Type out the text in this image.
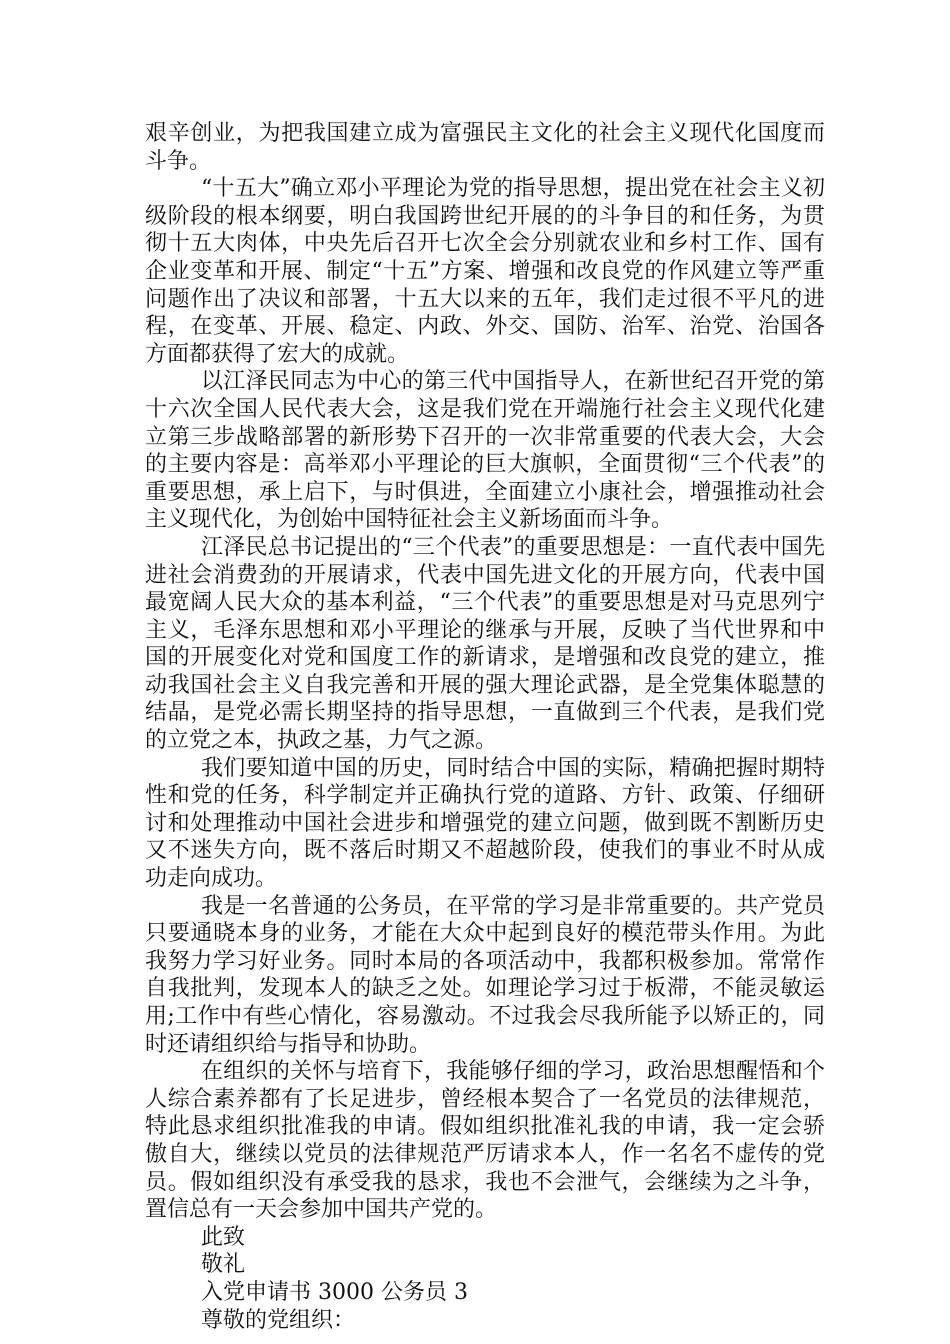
艰辛创业，为把我国建立成为富强民主文化的社会主义现代化国度而斗争。

“十五大”确立邓小平理论为党的指导思想，提出党在社会主义初级阶段的根本纲要，明白我国跨世纪开展的的斗争目的和任务，为贯彻十五大肉体，中央先后召开七次全会分别就农业和乡村工作、国有企业变革和开展、制定“十五”方案、增强和改良党的作风建立等严重问题作出了决议和部署，十五大以来的五年，我们走过很不平凡的进程，在变革、开展、稳定、内政、外交、国防、治军、治党、治国各方面都获得了宏大的成就。

以江泽民同志为中心的第三代中国指导人，在新世纪召开党的第十六次全国人民代表大会，这是我们党在开端施行社会主义现代化建立第三步战略部署的新形势下召开的一次非常重要的代表大会，大会的主要内容是：高举邓小平理论的巨大旗帜，全面贯彻“三个代表”的重要思想，承上启下，与时俱进，全面建立小康社会，增强推动社会主义现代化，为创始中国特征社会主义新场面而斗争。

江泽民总书记提出的“三个代表”的重要思想是：一直代表中国先进社会消费劲的开展请求，代表中国先进文化的开展方向，代表中国最宽阔人民大众的基本利益，“三个代表”的重要思想是对马克思列宁主义，毛泽东思想和邓小平理论的继承与开展，反映了当代世界和中国的开展变化对党和国度工作的新请求，是增强和改良党的建立，推动我国社会主义自我完善和开展的强大理论武器，是全党集体聪慧的结晶，是党必需长期坚持的指导思想，一直做到三个代表，是我们党的立党之本，执政之基，力气之源。

我们要知道中国的历史，同时结合中国的实际，精确把握时期特性和党的任务，科学制定并正确执行党的道路、方针、政策、仔细研讨和处理推动中国社会进步和增强党的建立问题，做到既不割断历史又不迷失方向，既不落后时期又不超越阶段，使我们的事业不时从成功走向成功。

我是一名普通的公务员，在平常的学习是非常重要的。共产党员只要通晓本身的业务，才能在大众中起到良好的模范带头作用。为此我努力学习好业务。同时本局的各项活动中，我都积极参加。常常作自我批判，发现本人的缺乏之处。如理论学习过于板滞，不能灵敏运用;工作中有些心情化，容易激动。不过我会尽我所能予以矫正的，同时还请组织给与指导和协助。

在组织的关怀与培育下，我能够仔细的学习，政治思想醒悟和个人综合素养都有了长足进步，曾经根本契合了一名党员的法律规范，特此恳求组织批准我的申请。假如组织批准礼我的申请，我一定会骄傲自大，继续以党员的法律规范严厉请求本人，作一名名不虚传的党员。假如组织没有承受我的恳求，我也不会泄气，会继续为之斗争，置信总有一天会参加中国共产党的。

此致

敬礼

入党申请书 3000 公务员 3

尊敬的党组织：
